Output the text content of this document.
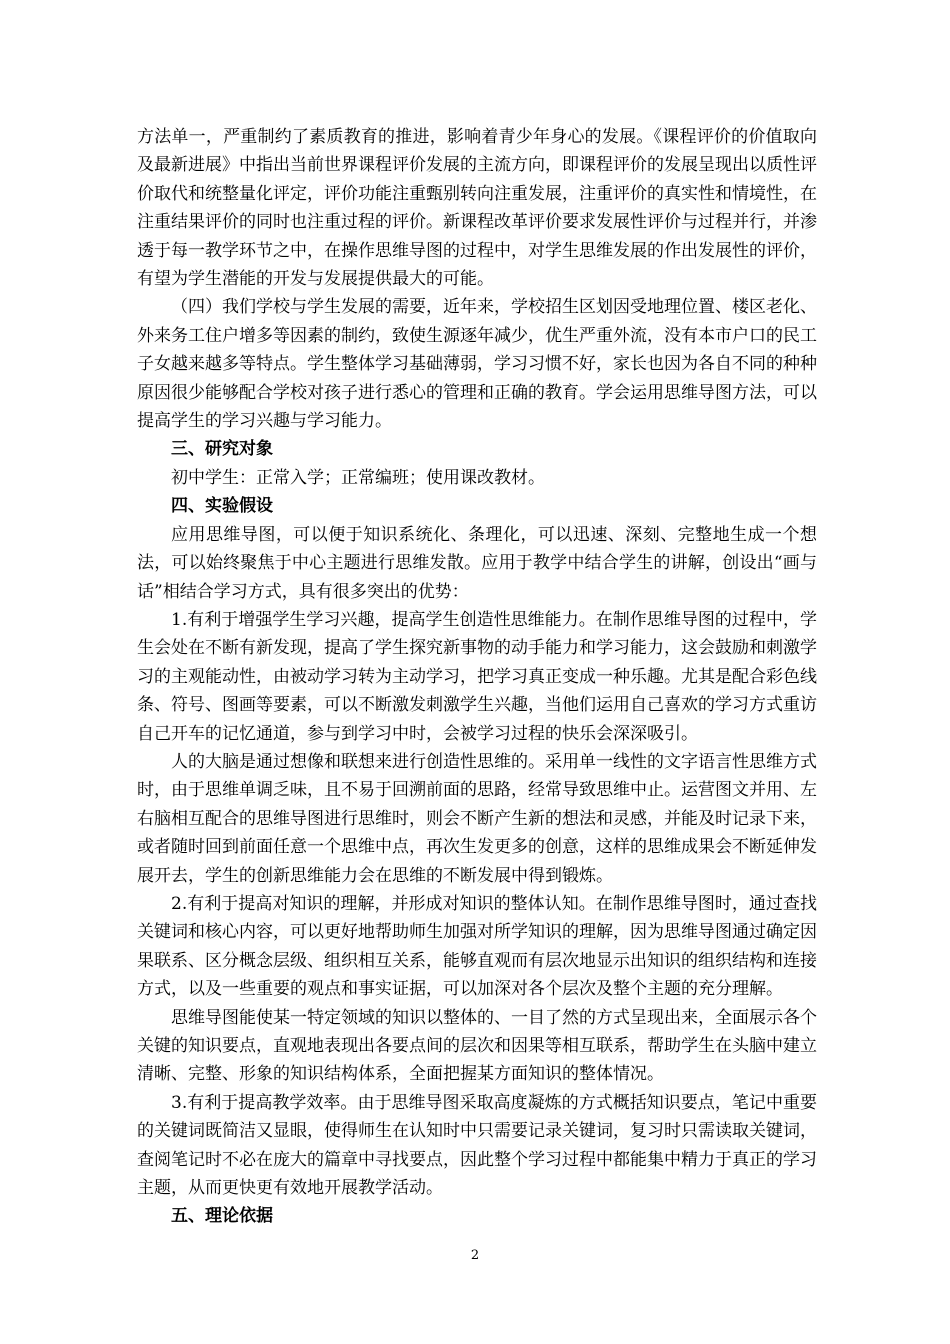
方法单一，严重制约了素质教育的推进，影响着青少年身心的发展。《课程评价的价值取向及最新进展》中指出当前世界课程评价发展的主流方向，即课程评价的发展呈现出以质性评价取代和统整量化评定，评价功能注重甄别转向注重发展，注重评价的真实性和情境性，在注重结果评价的同时也注重过程的评价。新课程改革评价要求发展性评价与过程并行，并渗透于每一教学环节之中，在操作思维导图的过程中，对学生思维发展的作出发展性的评价，有望为学生潜能的开发与发展提供最大的可能。

（四）我们学校与学生发展的需要，近年来，学校招生区划因受地理位置、楼区老化、外来务工住户增多等因素的制约，致使生源逐年减少，优生严重外流，没有本市户口的民工子女越来越多等特点。学生整体学习基础薄弱，学习习惯不好，家长也因为各自不同的种种原因很少能够配合学校对孩子进行悉心的管理和正确的教育。学会运用思维导图方法，可以提高学生的学习兴趣与学习能力。

三、研究对象

初中学生：正常入学；正常编班；使用课改教材。

四、实验假设

应用思维导图，可以便于知识系统化、条理化，可以迅速、深刻、完整地生成一个想法，可以始终聚焦于中心主题进行思维发散。应用于教学中结合学生的讲解，创设出“画与话”相结合学习方式，具有很多突出的优势：

1.有利于增强学生学习兴趣，提高学生创造性思维能力。在制作思维导图的过程中，学生会处在不断有新发现，提高了学生探究新事物的动手能力和学习能力，这会鼓励和刺激学习的主观能动性，由被动学习转为主动学习，把学习真正变成一种乐趣。尤其是配合彩色线条、符号、图画等要素，可以不断激发刺激学生兴趣，当他们运用自己喜欢的学习方式重访自己开车的记忆通道，参与到学习中时，会被学习过程的快乐会深深吸引。

人的大脑是通过想像和联想来进行创造性思维的。采用单一线性的文字语言性思维方式时，由于思维单调乏味，且不易于回溯前面的思路，经常导致思维中止。运营图文并用、左右脑相互配合的思维导图进行思维时，则会不断产生新的想法和灵感，并能及时记录下来，或者随时回到前面任意一个思维中点，再次生发更多的创意，这样的思维成果会不断延伸发展开去，学生的创新思维能力会在思维的不断发展中得到锻炼。

2.有利于提高对知识的理解，并形成对知识的整体认知。在制作思维导图时，通过查找关键词和核心内容，可以更好地帮助师生加强对所学知识的理解，因为思维导图通过确定因果联系、区分概念层级、组织相互关系，能够直观而有层次地显示出知识的组织结构和连接方式，以及一些重要的观点和事实证据，可以加深对各个层次及整个主题的充分理解。

思维导图能使某一特定领域的知识以整体的、一目了然的方式呈现出来，全面展示各个关键的知识要点，直观地表现出各要点间的层次和因果等相互联系，帮助学生在头脑中建立清晰、完整、形象的知识结构体系，全面把握某方面知识的整体情况。

3.有利于提高教学效率。由于思维导图采取高度凝炼的方式概括知识要点，笔记中重要的关键词既简洁又显眼，使得师生在认知时中只需要记录关键词，复习时只需读取关键词，查阅笔记时不必在庞大的篇章中寻找要点，因此整个学习过程中都能集中精力于真正的学习主题，从而更快更有效地开展教学活动。

五、理论依据

2
